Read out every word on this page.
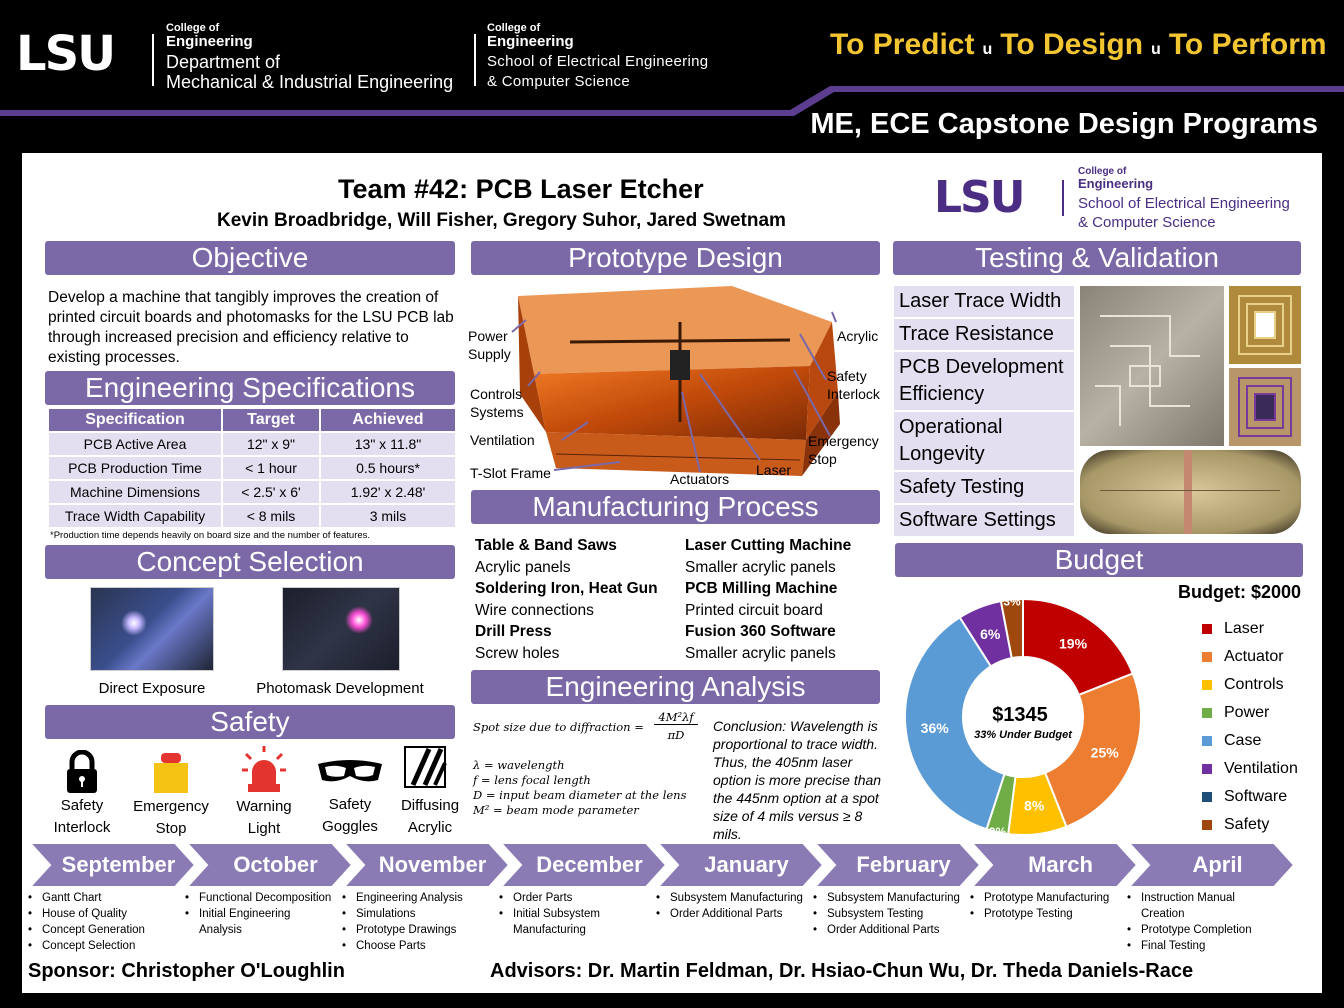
LSU	College of
Engineering
Department of
Mechanical & Industrial Engineering
College of
Engineering
School of Electrical Engineering
& Computer Science
To Predict u To Design u To Perform
ME, ECE Capstone Design Programs
Team #42: PCB Laser Etcher
Kevin Broadbridge, Will Fisher, Gregory Suhor, Jared Swetnam	LSU
College of
Engineering
School of Electrical Engineering
& Computer Science
Objective
Develop a machine that tangibly improves the creation of printed circuit boards and photomasks for the LSU PCB lab through increased precision and efficiency relative to existing processes.
Engineering Specifications
Specification	Target	Achieved
PCB Active Area	12" x 9"	13" x 11.8"
PCB Production Time	< 1 hour	0.5 hours*
Machine Dimensions	< 2.5' x 6'	1.92' x 2.48'
Trace Width Capability	< 8 mils	3 mils
*Production time depends heavily on board size and the number of features.
Concept Selection
Direct Exposure	Photomask Development
Safety
Safety
Interlock
Emergency
Stop
Warning
Light
Safety
Goggles
Diffusing
Acrylic
Prototype Design
Power
Supply
Controls
Systems
Ventilation
T-Slot Frame	Actuators
Laser
Emergency
Stop
Safety
Interlock
Acrylic
Manufacturing Process
Table & Band Saws
Acrylic panels
Soldering Iron, Heat Gun
Wire connections
Drill Press
Screw holes
Laser Cutting Machine
Smaller acrylic panels
PCB Milling Machine
Printed circuit board
Fusion 360 Software
Smaller acrylic panels
Engineering Analysis
Spot size due to diffraction =
4M²λf
πD
λ = wavelength
f = lens focal length
D = input beam diameter at the lens
M² = beam mode parameter
Conclusion: Wavelength is proportional to trace width. Thus, the 405nm laser option is more precise than the 445nm option at a spot size of 4 mils versus ≥ 8 mils.
Testing & Validation
Laser Trace Width
Trace Resistance
PCB Development Efficiency
Operational Longevity
Safety Testing
Software Settings
Budget
Budget: $2000
19%
25%
8%
3%
36%
6%
3%
$1345
33% Under Budget
Laser
Actuator
Controls
Power
Case
Ventilation
Software
Safety
September	October	November	December	January	February	March	April
• Gantt Chart
• House of Quality
• Concept Generation
• Concept Selection
• Functional Decomposition
• Initial Engineering Analysis
• Engineering Analysis
• Simulations
• Prototype Drawings
• Choose Parts
• Order Parts
• Initial Subsystem Manufacturing
• Subsystem Manufacturing
• Order Additional Parts
• Subsystem Manufacturing
• Subsystem Testing
• Order Additional Parts
• Prototype Manufacturing
• Prototype Testing
• Instruction Manual Creation
• Prototype Completion
• Final Testing
Sponsor: Christopher O'Loughlin	Advisors: Dr. Martin Feldman, Dr. Hsiao-Chun Wu, Dr. Theda Daniels-Race
